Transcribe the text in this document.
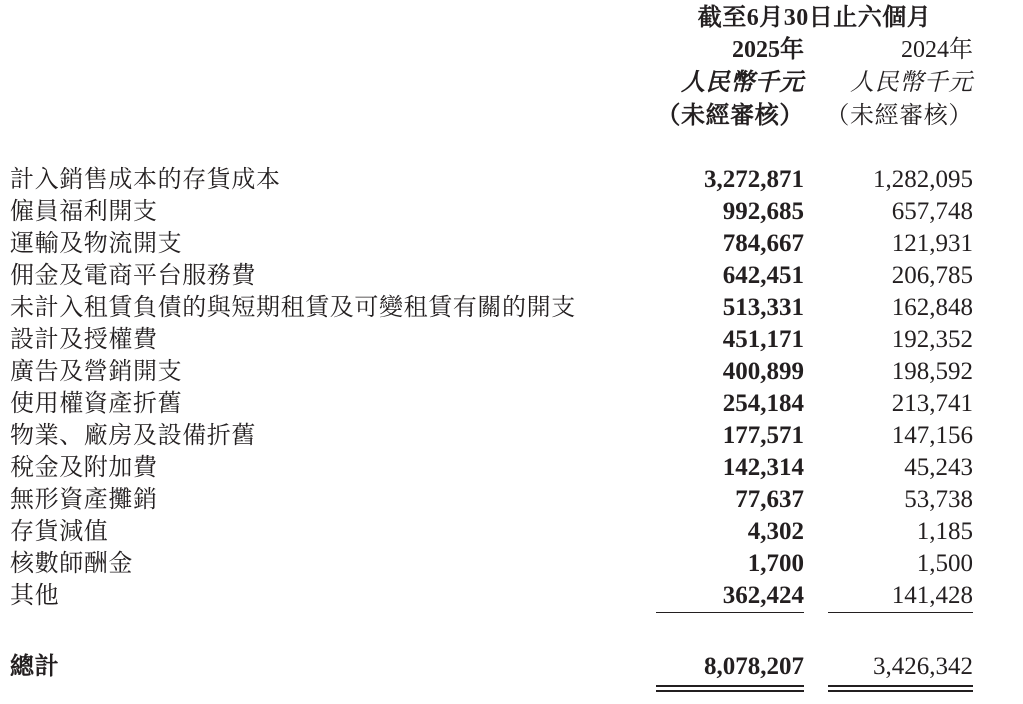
截至6月30日止六個月
2025年	2024年
人民幣千元	人民幣千元
（未經審核） （未經審核）
計入銷售成本的存貨成本	3,272,871	1,282,095
僱員福利開支	992,685	657,748
運輸及物流開支	784,667	121,931
佣金及電商平台服務費	642,451	206,785
未計入租賃負債的與短期租賃及可變租賃有關的開支	513,331	162,848
設計及授權費	451,171	192,352
廣告及營銷開支	400,899	198,592
使用權資產折舊	254,184	213,741
物業、廠房及設備折舊	177,571	147,156
稅金及附加費	142,314	45,243
無形資產攤銷	77,637	53,738
存貨減值	4,302	1,185
核數師酬金	1,700	1,500
其他	362,424	141,428
總計	8,078,207	3,426,342
